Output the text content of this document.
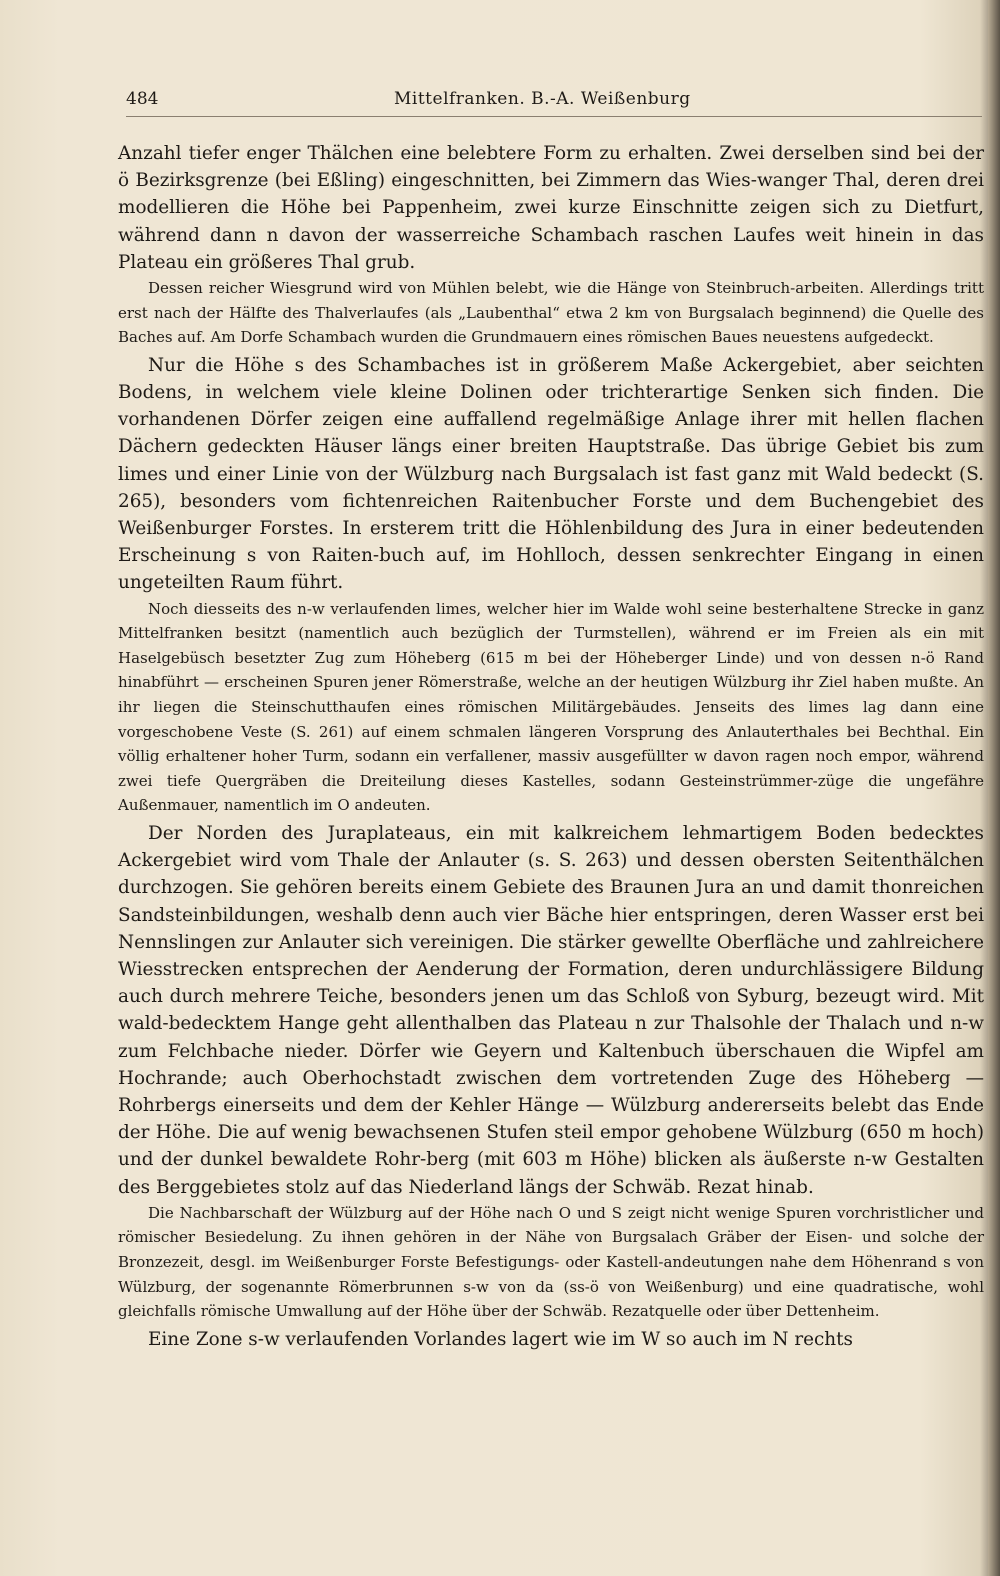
484	Mittelfranken. B.-A. Weißenburg

Anzahl tiefer enger Thälchen eine belebtere Form zu erhalten. Zwei derselben sind bei der ö Bezirksgrenze (bei Eßling) eingeschnitten, bei Zimmern das Wies-wanger Thal, deren drei modellieren die Höhe bei Pappenheim, zwei kurze Einschnitte zeigen sich zu Dietfurt, während dann n davon der wasserreiche Schambach raschen Laufes weit hinein in das Plateau ein größeres Thal grub.

Dessen reicher Wiesgrund wird von Mühlen belebt, wie die Hänge von Steinbruch-arbeiten. Allerdings tritt erst nach der Hälfte des Thalverlaufes (als „Laubenthal“ etwa 2 km von Burgsalach beginnend) die Quelle des Baches auf. Am Dorfe Schambach wurden die Grundmauern eines römischen Baues neuestens aufgedeckt.

Nur die Höhe s des Schambaches ist in größerem Maße Ackergebiet, aber seichten Bodens, in welchem viele kleine Dolinen oder trichterartige Senken sich finden. Die vorhandenen Dörfer zeigen eine auffallend regelmäßige Anlage ihrer mit hellen flachen Dächern gedeckten Häuser längs einer breiten Hauptstraße. Das übrige Gebiet bis zum limes und einer Linie von der Wülzburg nach Burgsalach ist fast ganz mit Wald bedeckt (S. 265), besonders vom fichtenreichen Raitenbucher Forste und dem Buchengebiet des Weißenburger Forstes. In ersterem tritt die Höhlenbildung des Jura in einer bedeutenden Erscheinung s von Raiten-buch auf, im Hohlloch, dessen senkrechter Eingang in einen ungeteilten Raum führt.

Noch diesseits des n-w verlaufenden limes, welcher hier im Walde wohl seine besterhaltene Strecke in ganz Mittelfranken besitzt (namentlich auch bezüglich der Turmstellen), während er im Freien als ein mit Haselgebüsch besetzter Zug zum Höheberg (615 m bei der Höheberger Linde) und von dessen n-ö Rand hinabführt — erscheinen Spuren jener Römerstraße, welche an der heutigen Wülzburg ihr Ziel haben mußte. An ihr liegen die Steinschutthaufen eines römischen Militärgebäudes. Jenseits des limes lag dann eine vorgeschobene Veste (S. 261) auf einem schmalen längeren Vorsprung des Anlauterthales bei Bechthal. Ein völlig erhaltener hoher Turm, sodann ein verfallener, massiv ausgefüllter w davon ragen noch empor, während zwei tiefe Quergräben die Dreiteilung dieses Kastelles, sodann Gesteinstrümmer-züge die ungefähre Außenmauer, namentlich im O andeuten.

Der Norden des Juraplateaus, ein mit kalkreichem lehmartigem Boden bedecktes Ackergebiet wird vom Thale der Anlauter (s. S. 263) und dessen obersten Seitenthälchen durchzogen. Sie gehören bereits einem Gebiete des Braunen Jura an und damit thonreichen Sandsteinbildungen, weshalb denn auch vier Bäche hier entspringen, deren Wasser erst bei Nennslingen zur Anlauter sich vereinigen. Die stärker gewellte Oberfläche und zahlreichere Wiesstrecken entsprechen der Aenderung der Formation, deren undurchlässigere Bildung auch durch mehrere Teiche, besonders jenen um das Schloß von Syburg, bezeugt wird. Mit wald-bedecktem Hange geht allenthalben das Plateau n zur Thalsohle der Thalach und n-w zum Felchbache nieder. Dörfer wie Geyern und Kaltenbuch überschauen die Wipfel am Hochrande; auch Oberhochstadt zwischen dem vortretenden Zuge des Höheberg — Rohrbergs einerseits und dem der Kehler Hänge — Wülzburg andererseits belebt das Ende der Höhe. Die auf wenig bewachsenen Stufen steil empor gehobene Wülzburg (650 m hoch) und der dunkel bewaldete Rohr-berg (mit 603 m Höhe) blicken als äußerste n-w Gestalten des Berggebietes stolz auf das Niederland längs der Schwäb. Rezat hinab.

Die Nachbarschaft der Wülzburg auf der Höhe nach O und S zeigt nicht wenige Spuren vorchristlicher und römischer Besiedelung. Zu ihnen gehören in der Nähe von Burgsalach Gräber der Eisen- und solche der Bronzezeit, desgl. im Weißenburger Forste Befestigungs- oder Kastell-andeutungen nahe dem Höhenrand s von Wülzburg, der sogenannte Römerbrunnen s-w von da (ss-ö von Weißenburg) und eine quadratische, wohl gleichfalls römische Umwallung auf der Höhe über der Schwäb. Rezatquelle oder über Dettenheim.

Eine Zone s-w verlaufenden Vorlandes lagert wie im W so auch im N rechts
